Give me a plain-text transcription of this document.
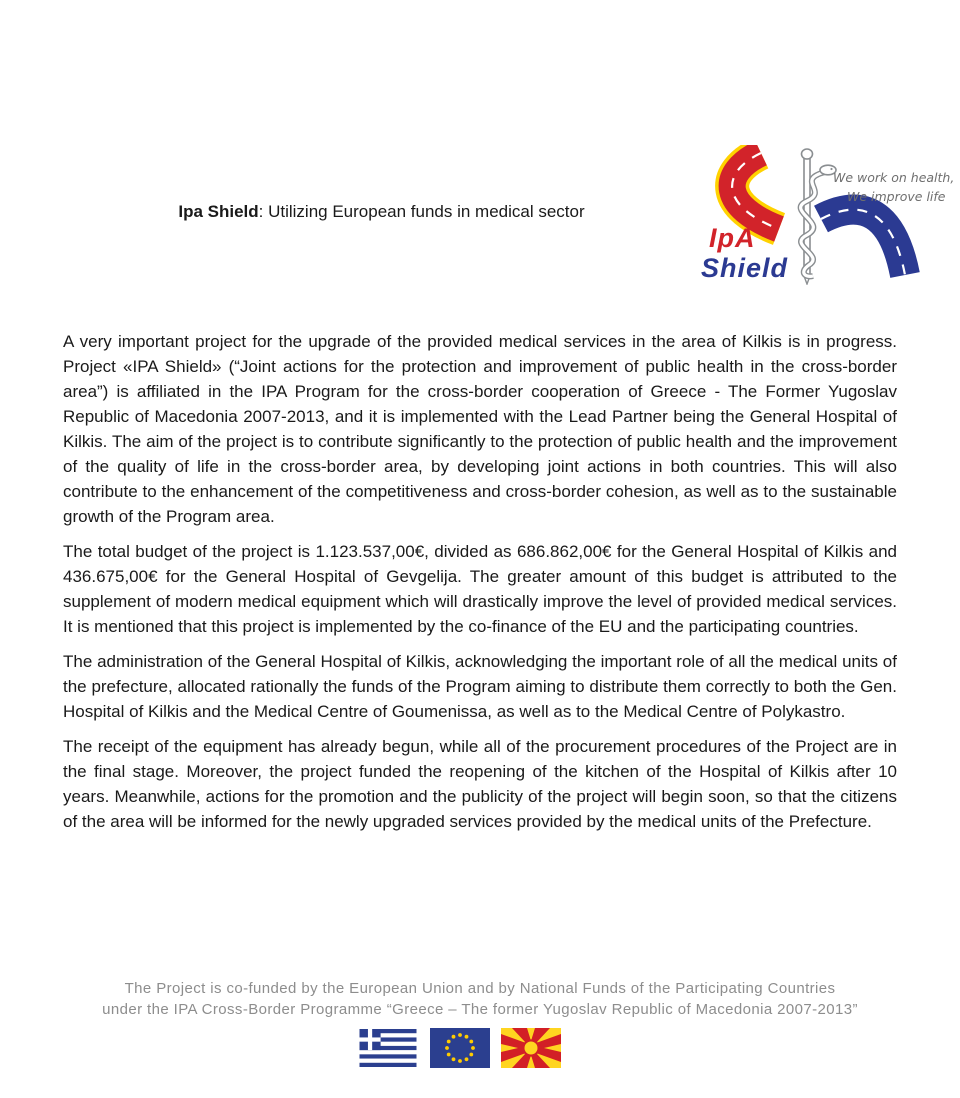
Ipa Shield: Utilizing European funds in medical sector
IpA
Shield
We work on health,
We improve life

A very important project for the upgrade of the provided medical services in the area of Kilkis is in progress. Project «IPA Shield» (“Joint actions for the protection and improvement of public health in the cross-border area”) is affiliated in the IPA Program for the cross-border cooperation of Greece - The Former Yugoslav Republic of Macedonia 2007-2013, and it is implemented with the Lead Partner being the General Hospital of Kilkis. The aim of the project is to contribute significantly to the protection of public health and the improvement of the quality of life in the cross-border area, by developing joint actions in both countries. This will also contribute to the enhancement of the competitiveness and cross-border cohesion, as well as to the sustainable growth of the Program area.

The total budget of the project is 1.123.537,00€, divided as 686.862,00€ for the General Hospital of Kilkis and 436.675,00€ for the General Hospital of Gevgelija. The greater amount of this budget is attributed to the supplement of modern medical equipment which will drastically improve the level of provided medical services. It is mentioned that this project is implemented by the co-finance of the EU and the participating countries.

The administration of the General Hospital of Kilkis, acknowledging the important role of all the medical units of the prefecture, allocated rationally the funds of the Program aiming to distribute them correctly to both the Gen. Hospital of Kilkis and the Medical Centre of Goumenissa, as well as to the Medical Centre of Polykastro.

The receipt of the equipment has already begun, while all of the procurement procedures of the Project are in the final stage. Moreover, the project funded the reopening of the kitchen of the Hospital of Kilkis after 10 years. Meanwhile, actions for the promotion and the publicity of the project will begin soon, so that the citizens of the area will be informed for the newly upgraded services provided by the medical units of the Prefecture.

The Project is co-funded by the European Union and by National Funds of the Participating Countries
under the IPA Cross-Border Programme “Greece – The former Yugoslav Republic of Macedonia 2007-2013”
